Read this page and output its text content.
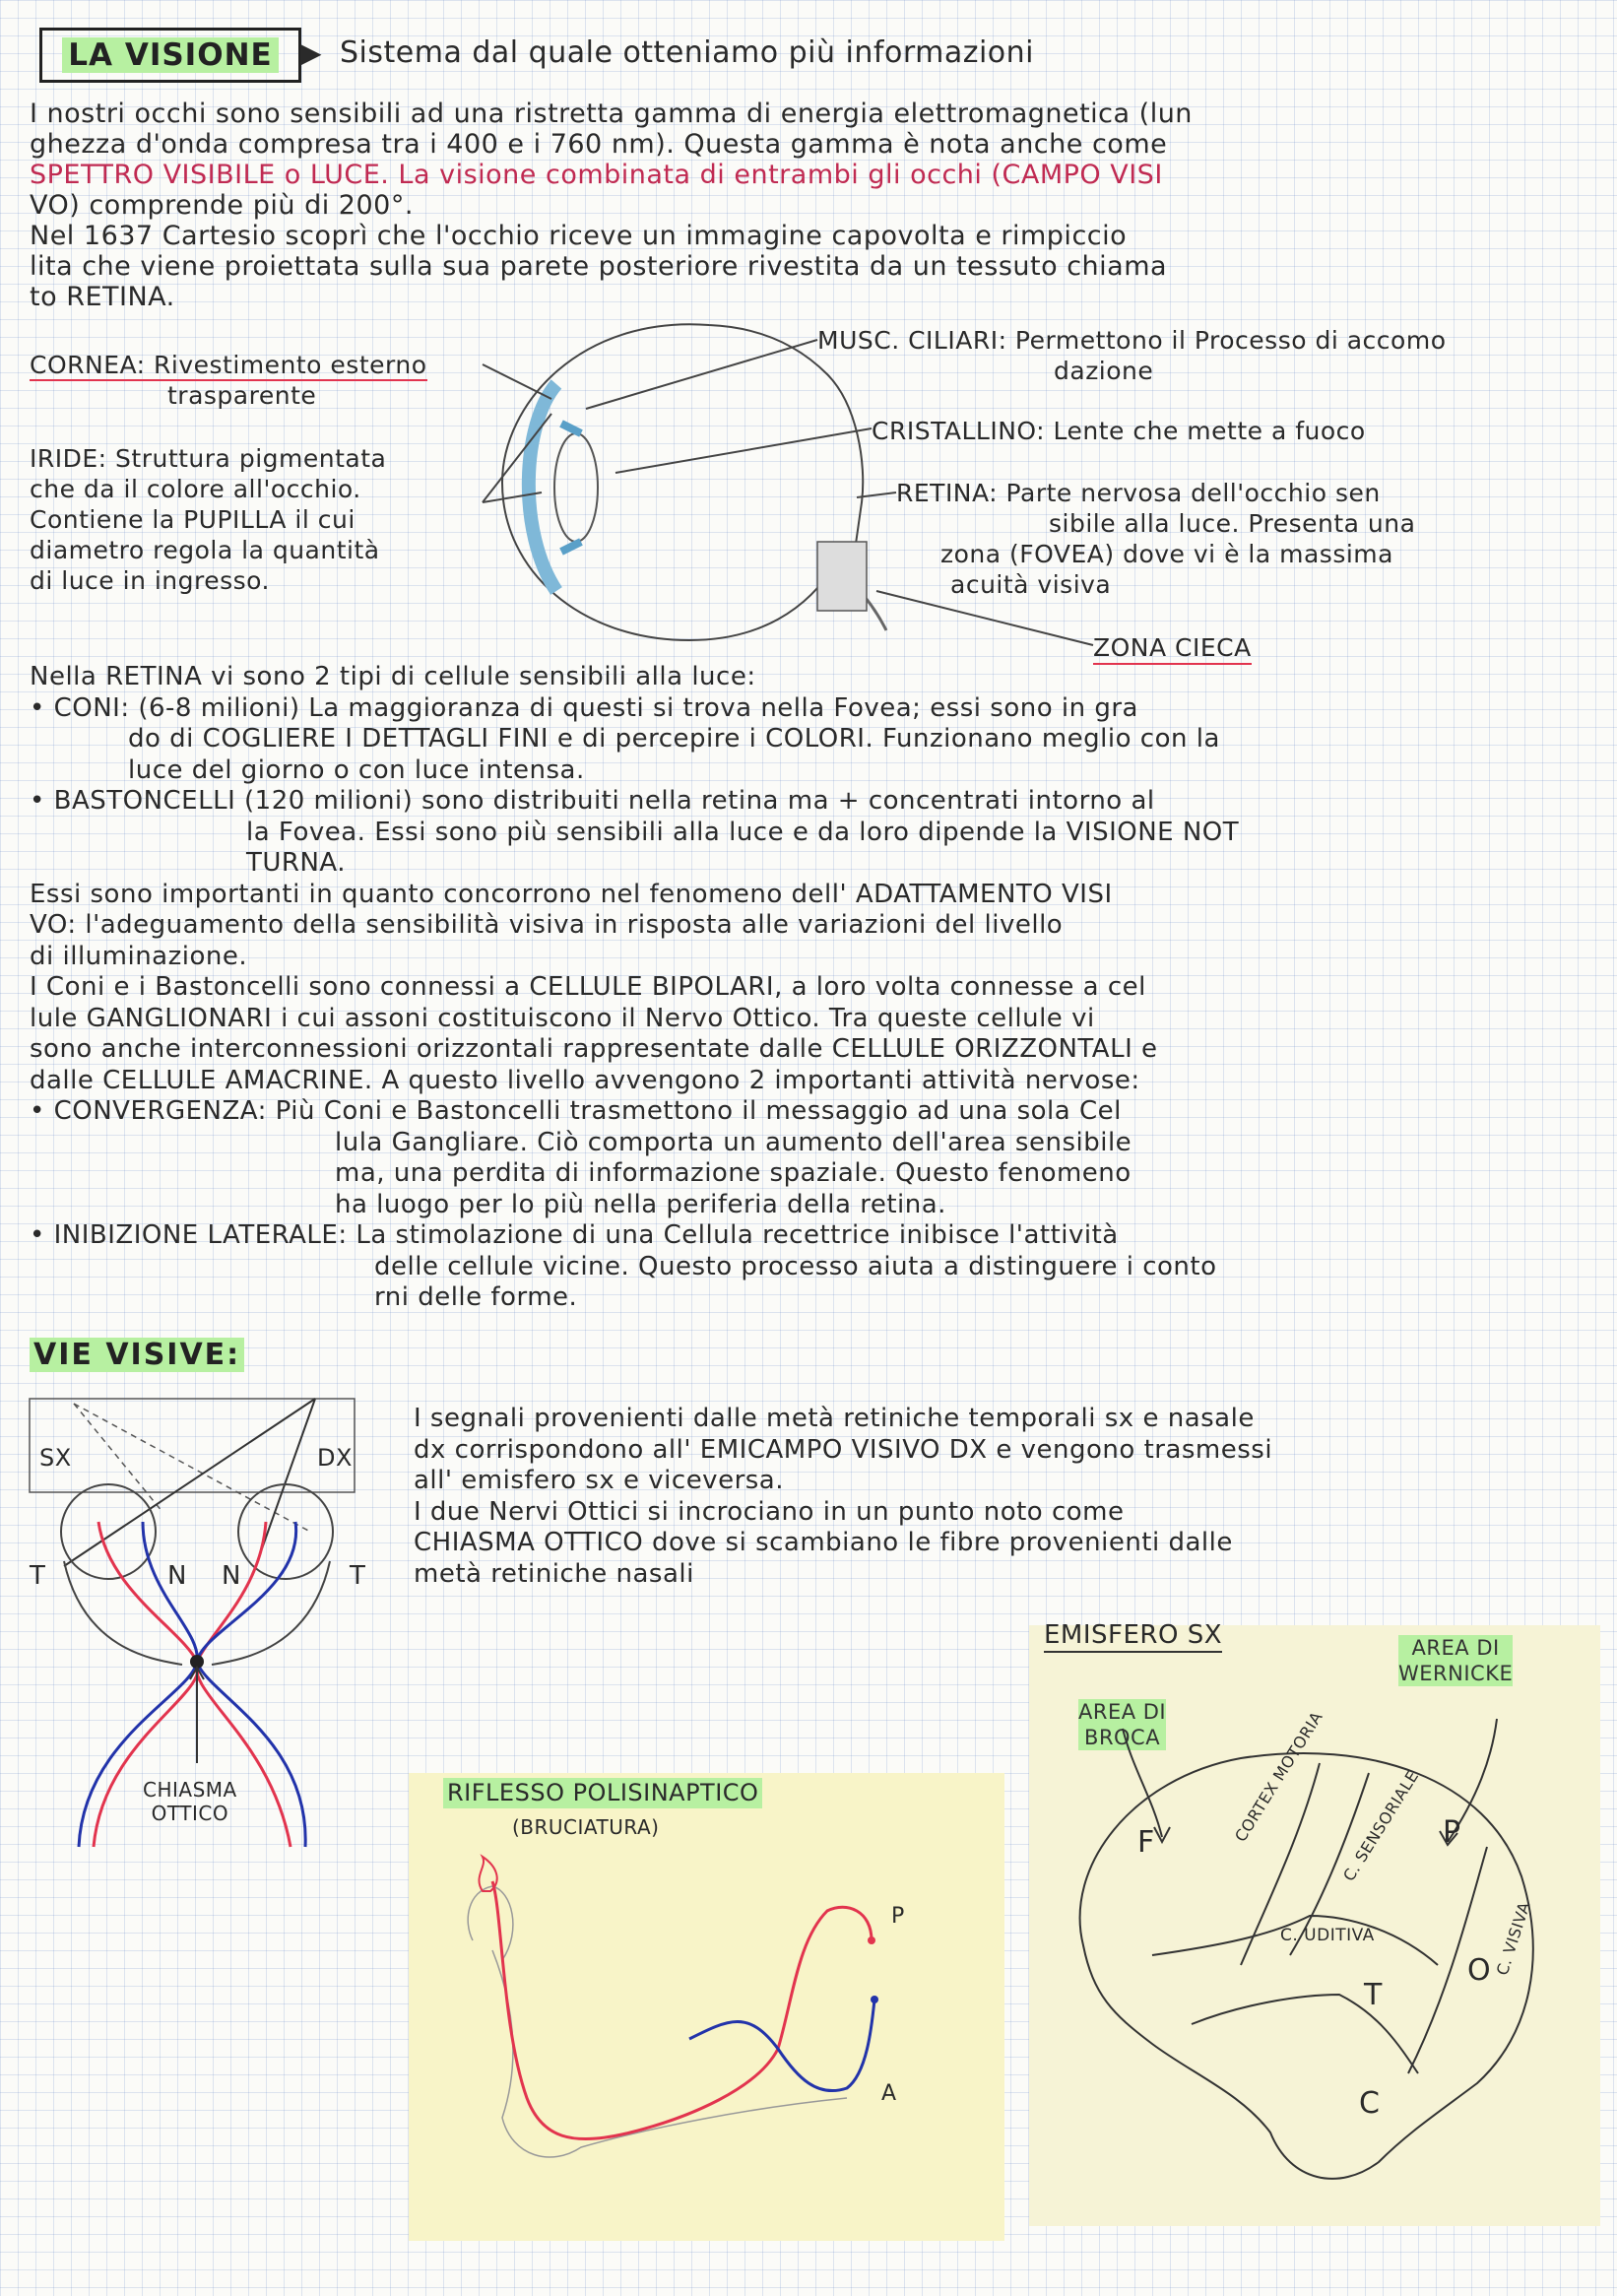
LA VISIONE ▶ Sistema dal quale otteniamo più informazioni

I nostri occhi sono sensibili ad una ristretta gamma di energia elettromagnetica (lun

ghezza d'onda compresa tra i 400 e i 760 nm). Questa gamma è nota anche come

SPETTRO VISIBILE o LUCE. La visione combinata di entrambi gli occhi (CAMPO VISI

VO) comprende più di 200°.

Nel 1637 Cartesio scoprì che l'occhio riceve un immagine capovolta e rimpiccio

lita che viene proiettata sulla sua parete posteriore rivestita da un tessuto chiama

to RETINA.

CORNEA: Rivestimento esterno

trasparente

IRIDE: Struttura pigmentata

che da il colore all'occhio.

Contiene la PUPILLA il cui

diametro regola la quantità

di luce in ingresso.

MUSC. CILIARI: Permettono il Processo di accomo

dazione

CRISTALLINO: Lente che mette a fuoco

RETINA: Parte nervosa dell'occhio sen

sibile alla luce. Presenta una

zona (FOVEA) dove vi è la massima

acuità visiva

ZONA CIECA

Nella RETINA vi sono 2 tipi di cellule sensibili alla luce:

• CONI: (6-8 milioni) La maggioranza di questi si trova nella Fovea; essi sono in gra

do di COGLIERE I DETTAGLI FINI e di percepire i COLORI. Funzionano meglio con la

luce del giorno o con luce intensa.

• BASTONCELLI (120 milioni) sono distribuiti nella retina ma + concentrati intorno al

la Fovea. Essi sono più sensibili alla luce e da loro dipende la VISIONE NOT

TURNA.

Essi sono importanti in quanto concorrono nel fenomeno dell' ADATTAMENTO VISI

VO: l'adeguamento della sensibilità visiva in risposta alle variazioni del livello

di illuminazione.

I Coni e i Bastoncelli sono connessi a CELLULE BIPOLARI, a loro volta connesse a cel

lule GANGLIONARI i cui assoni costituiscono il Nervo Ottico. Tra queste cellule vi

sono anche interconnessioni orizzontali rappresentate dalle CELLULE ORIZZONTALI e

dalle CELLULE AMACRINE. A questo livello avvengono 2 importanti attività nervose:

• CONVERGENZA: Più Coni e Bastoncelli trasmettono il messaggio ad una sola Cel

lula Gangliare. Ciò comporta un aumento dell'area sensibile

ma, una perdita di informazione spaziale. Questo fenomeno

ha luogo per lo più nella periferia della retina.

• INIBIZIONE LATERALE: La stimolazione di una Cellula recettrice inibisce l'attività

delle cellule vicine. Questo processo aiuta a distinguere i conto

rni delle forme.

VIE VISIVE:

I segnali provenienti dalle metà retiniche temporali sx e nasale

dx corrispondono all' EMICAMPO VISIVO DX e vengono trasmessi

all' emisfero sx e viceversa.

I due Nervi Ottici si incrociano in un punto noto come

CHIASMA OTTICO dove si scambiano le fibre provenienti dalle

metà retiniche nasali

SX	DX
T	N N	T

CHIASMA

OTTICO

RIFLESSO POLISINAPTICO
(BRUCIATURA)
P
A
EMISFERO SX	AREA DI

WERNICKE

AREA DI

BROCA

F	P
T
O
C
CORTEX MOTORIA C. SENSORIALE
C. UDITIVA	C. VISIVA
